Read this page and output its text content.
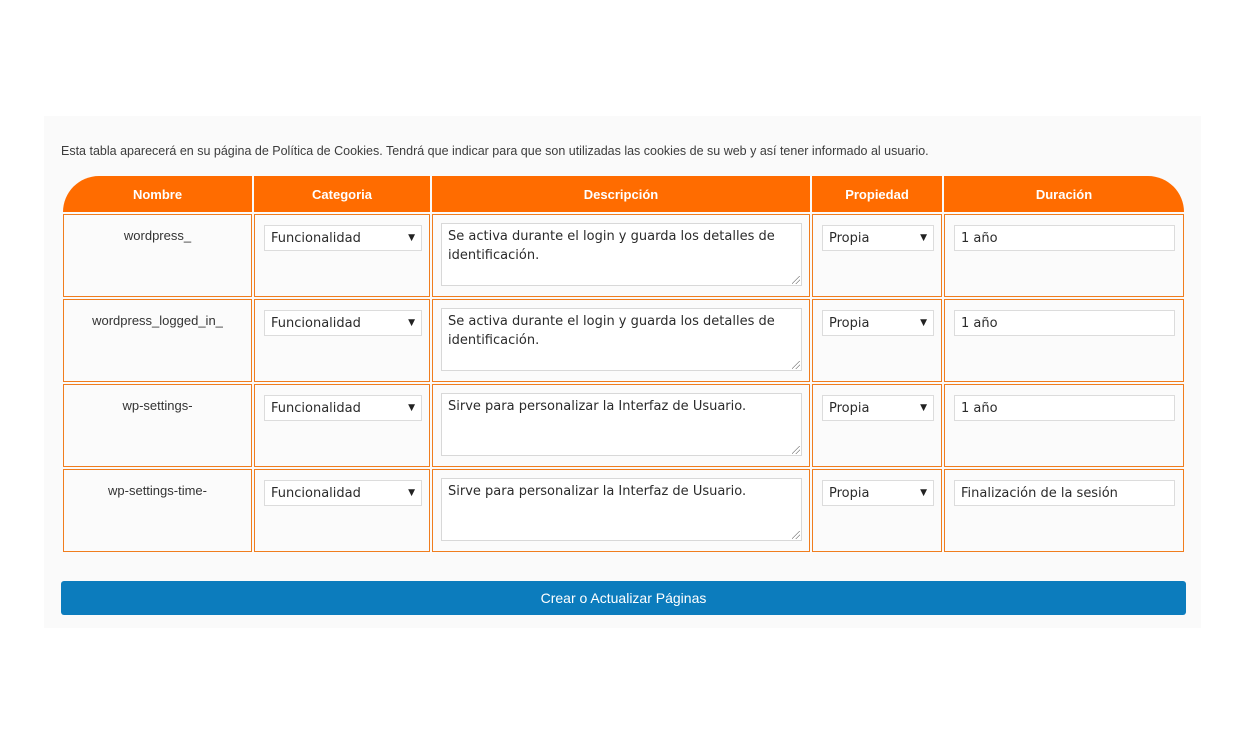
Esta tabla aparecerá en su página de Política de Cookies. Tendrá que indicar para que son utilizadas las cookies de su web y así tener informado al usuario.
Nombre	Categoria	Descripción	Propiedad	Duración

wordpress_	Funcionalidad ▼	Se activa durante el login y guarda los detalles de identificación.	Propia ▼	1 año

wordpress_logged_in_	Funcionalidad ▼	Se activa durante el login y guarda los detalles de identificación.	Propia ▼	1 año

wp-settings-	Funcionalidad ▼	Sirve para personalizar la Interfaz de Usuario.	Propia ▼	1 año

wp-settings-time-	Funcionalidad ▼	Sirve para personalizar la Interfaz de Usuario.	Propia ▼	Finalización de la sesión
Crear o Actualizar Páginas
